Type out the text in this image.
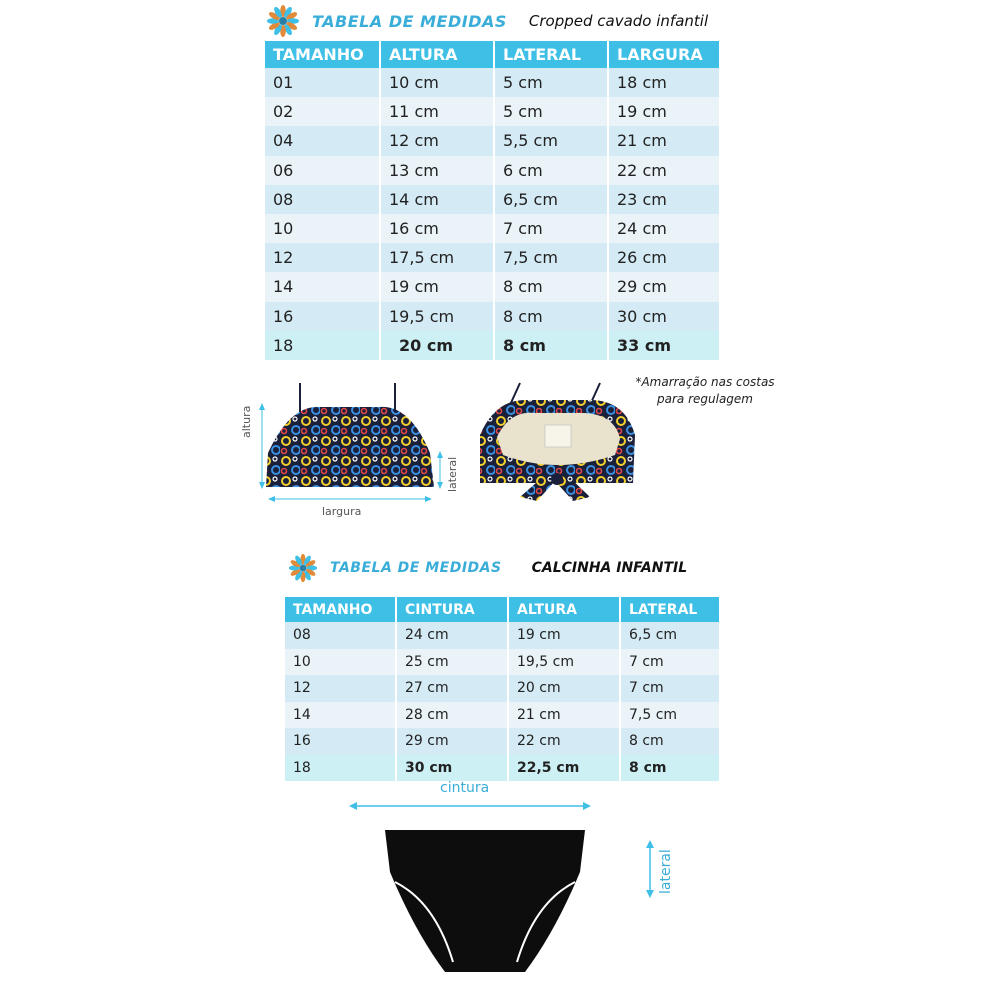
TABELA DE MEDIDAS Cropped cavado infantil
TAMANHO	ALTURA	LATERAL	LARGURA
01	10 cm	5 cm	18 cm
02	11 cm	5 cm	19 cm
04	12 cm	5,5 cm	21 cm
06	13 cm	6 cm	22 cm
08	14 cm	6,5 cm	23 cm
10	16 cm	7 cm	24 cm
12	17,5 cm	7,5 cm	26 cm
14	19 cm	8 cm	29 cm
16	19,5 cm	8 cm	30 cm
18	20 cm	8 cm	33 cm
altura
lateral
largura
*Amarração nas costas
para regulagem
TABELA DE MEDIDAS CALCINHA INFANTIL
TAMANHO	CINTURA	ALTURA	LATERAL
08	24 cm	19 cm	6,5 cm
10	25 cm	19,5 cm	7 cm
12	27 cm	20 cm	7 cm
14	28 cm	21 cm	7,5 cm
16	29 cm	22 cm	8 cm
18	30 cm	22,5 cm	8 cm
cintura
lateral
